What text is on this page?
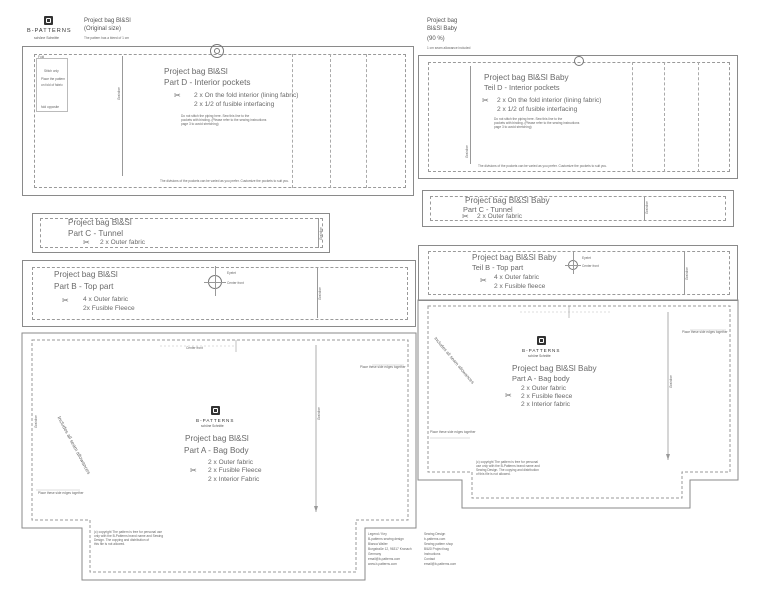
B-PATTERNS
schöne Schnitte
Project bag Bl&Sl
(Original size)
The pattern has a bleed of 1 cm
Project bag
Bl&Sl Baby
(90 %)
1 cm seam allowance included
Grainline
Fold
Stitch only
Place the pattern
on fold of fabric
fold opposite
Project bag Bl&Sl
Part D - Interior pockets
✂ 2 x On the fold interior (lining fabric)
2 x 1/2 of fusible interfacing
Do not stitch the piping here. Sew this line to the
pockets with binding. (Please refer to the sewing instructions
page 3 to avoid stretching)
The divisions of the pockets can be varied as you prefer. Customize the pockets to suit you.
Grainline
Project bag Bl&Sl
Part C - Tunnel
✂ 2 x Outer fabric
Grainline
Eyelet
Center front
Project bag Bl&Sl
Part B - Top part
✂ 4 x Outer fabric
2x Fusible Fleece
Center front
Place these side edges together
Place these side edges together
Grainline
Includes all seam allowances
Grainline	B-PATTERNS
schöne Schnitte
Project bag Bl&Sl
Part A - Bag Body
2 x Outer fabric
✂ 2 x Fusible Fleece
2 x Interior Fabric
(c) copyright The pattern is free for personal use
only with the B-Patterns brand name and Sewing
Design. The copying and distribution of
this file is not allowed.
Legend / Key
B-patterns sewing design
Bianca Walter
Burgstraße 12, 96317 Kronach
Germany
email@b-patterns.com
www.b-patterns.com
Sewing Design
b-patterns.com
Sewing pattern shop
Bl&Sl Project bag
Instructions
Contact
email@b-patterns.com
Grainline
Project bag Bl&Sl Baby
Teil D - Interior pockets
✂ 2 x On the fold interior (lining fabric)
2 x 1/2 of fusible interfacing
Do not stitch the piping here. Sew this line to the
pockets with binding. (Please refer to the sewing instructions
page 3 to avoid stretching)
The divisions of the pockets can be varied as you prefer. Customize the pockets to suit you.
Grainline
Project bag Bl&Sl Baby
Part C - Tunnel
✂ 2 x Outer fabric
Grainline
Eyelet
Center front
Project bag Bl&Sl Baby
Teil B - Top part
✂ 4 x Outer fabric
2 x Fusible fleece
Place these side edges together
Place these side edges together
Grainline
Includes all seam allowances	B-PATTERNS
schöne Schnitte
Project bag Bl&Sl Baby
Part A - Bag body
2 x Outer fabric
✂ 2 x Fusible fleece
2 x Interior fabric
(c) copyright The pattern is free for personal
use only with the B-Patterns brand name and
Sewing Design. The copying and distribution
of this file is not allowed.
